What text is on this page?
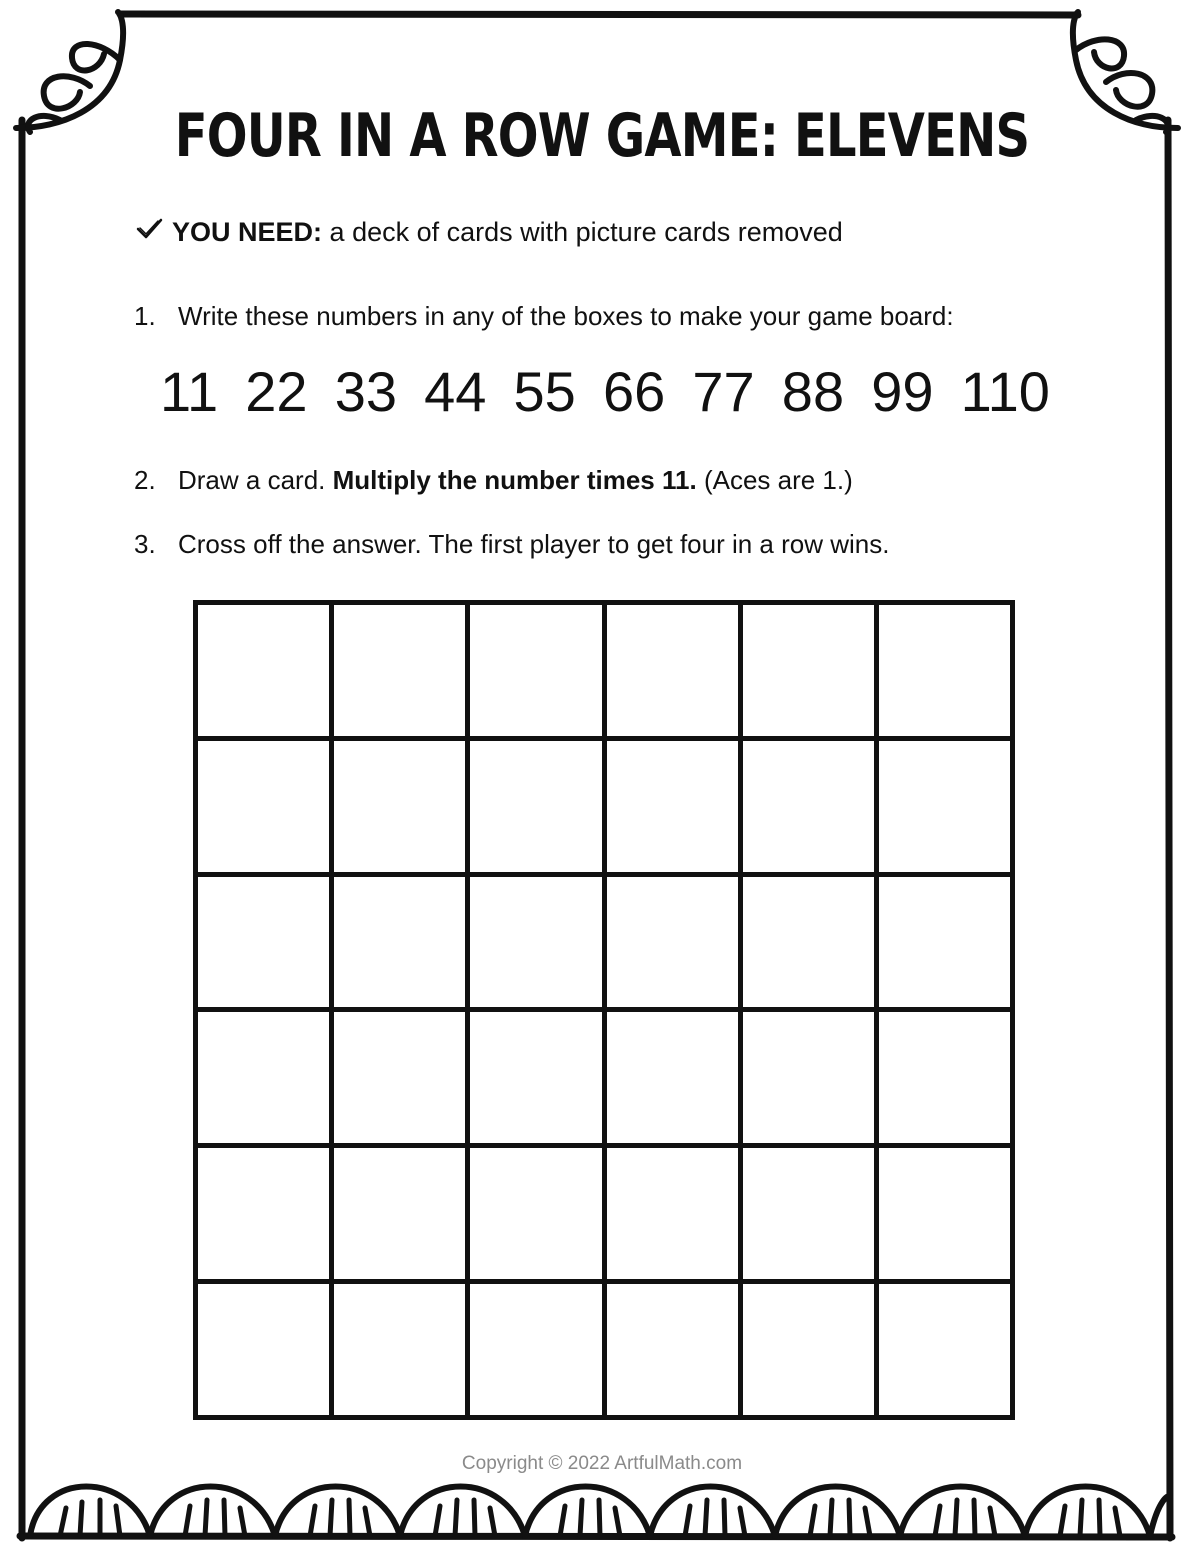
FOUR IN A ROW GAME: ELEVENS
YOU NEED: a deck of cards with picture cards removed
1. Write these numbers in any of the boxes to make your game board:
11 22 33 44 55 66 77 88 99 110
2. Draw a card. Multiply the number times 11. (Aces are 1.)
3. Cross off the answer. The first player to get four in a row wins.
Copyright © 2022 ArtfulMath.com
